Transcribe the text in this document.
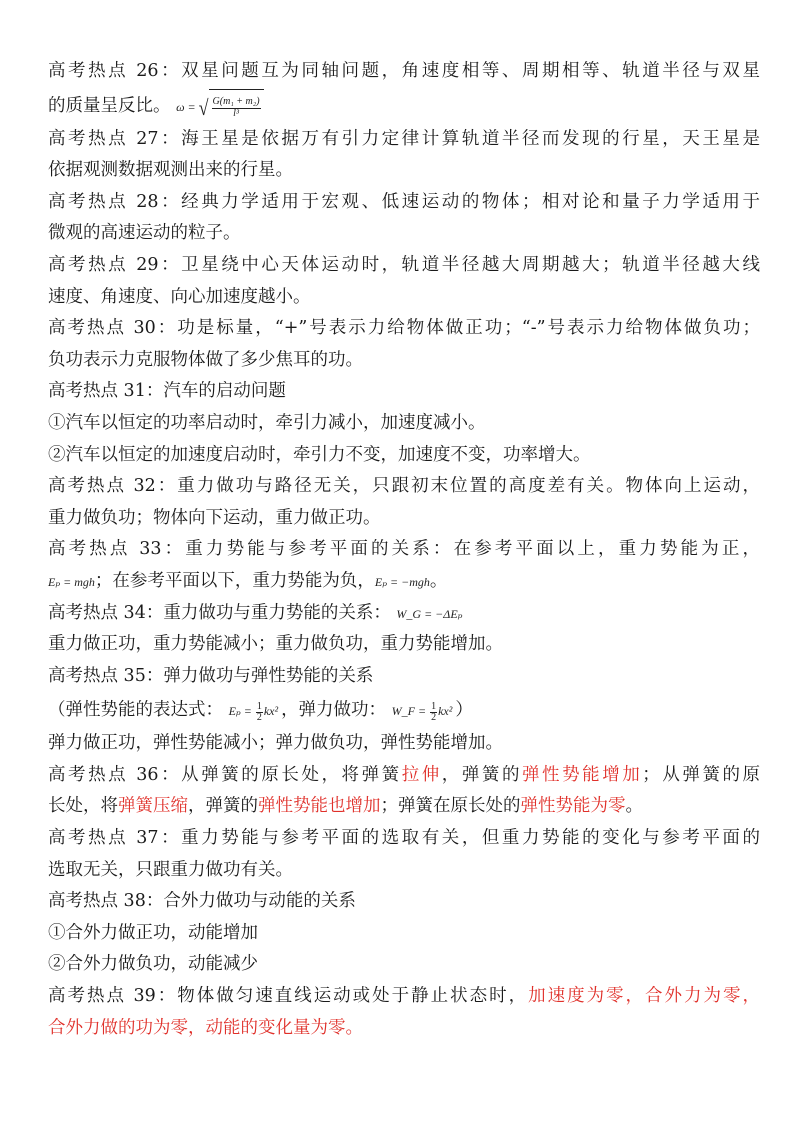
高考热点 26：双星问题互为同轴问题，角速度相等、周期相等、轨道半径与双星
的质量呈反比。 ω = √ $\frac{\text{G(m₁ + m₂)}}{\text{l³}}$
高考热点 27：海王星是依据万有引力定律计算轨道半径而发现的行星，天王星是
依据观测数据观测出来的行星。
高考热点 28：经典力学适用于宏观、低速运动的物体；相对论和量子力学适用于
微观的高速运动的粒子。
高考热点 29：卫星绕中心天体运动时，轨道半径越大周期越大；轨道半径越大线
速度、角速度、向心加速度越小。
高考热点 30：功是标量，“+”号表示力给物体做正功；“-”号表示力给物体做负功；
负功表示力克服物体做了多少焦耳的功。
高考热点 31：汽车的启动问题
①汽车以恒定的功率启动时，牵引力减小，加速度减小。
②汽车以恒定的加速度启动时，牵引力不变，加速度不变，功率增大。
高考热点 32：重力做功与路径无关，只跟初末位置的高度差有关。物体向上运动，
重力做负功；物体向下运动，重力做正功。
高考热点 33：重力势能与参考平面的关系：在参考平面以上，重力势能为正，
Eₚ = mgh；在参考平面以下，重力势能为负，Eₚ = −mgh。
高考热点 34：重力做功与重力势能的关系： W_G = −ΔEₚ
重力做正功，重力势能减小；重力做负功，重力势能增加。
高考热点 35：弹力做功与弹性势能的关系
（弹性势能的表达式： $E_p = \frac{1}{2} kx^2$ ，弹力做功： W_F = $\frac{1}{2} kx^2$ ）
弹力做正功，弹性势能减小；弹力做负功，弹性势能增加。
高考热点 36：从弹簧的原长处，将弹簧拉伸，弹簧的弹性势能增加；从弹簧的原
长处，将弹簧压缩，弹簧的弹性势能也增加；弹簧在原长处的弹性势能为零。
高考热点 37：重力势能与参考平面的选取有关，但重力势能的变化与参考平面的
选取无关，只跟重力做功有关。
高考热点 38：合外力做功与动能的关系
①合外力做正功，动能增加
②合外力做负功，动能减少
高考热点 39：物体做匀速直线运动或处于静止状态时，加速度为零，合外力为零，
合外力做的功为零，动能的变化量为零。
